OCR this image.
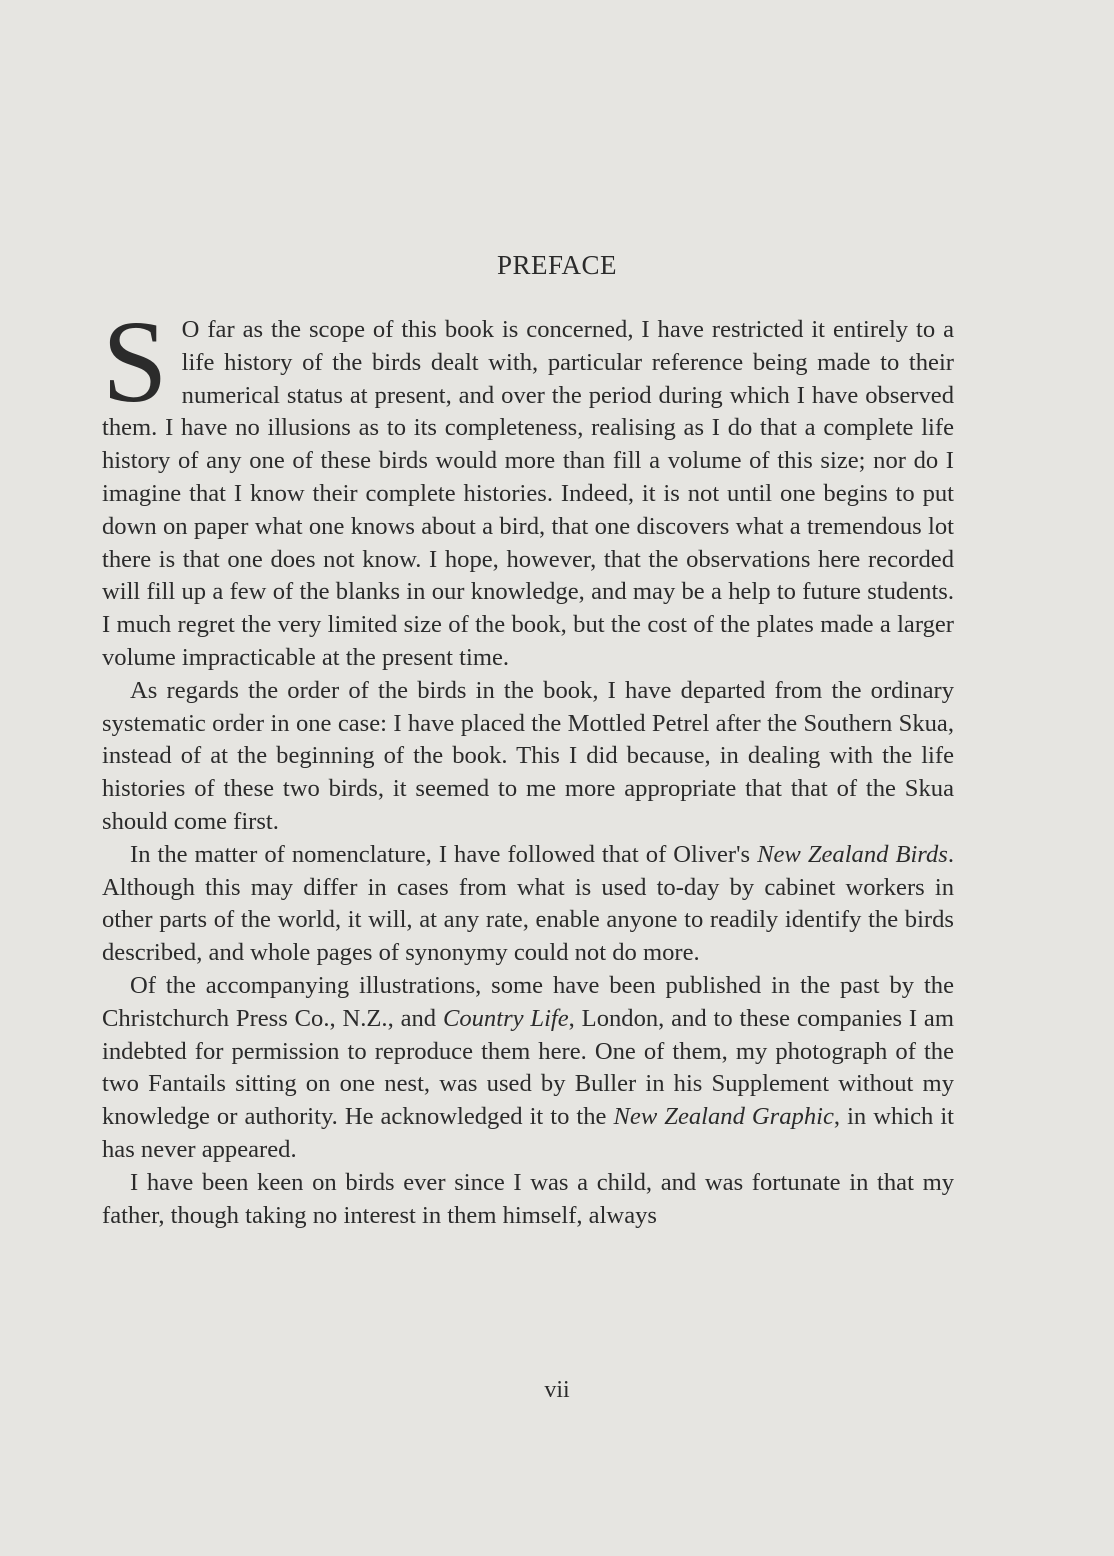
PREFACE

S O far as the scope of this book is concerned, I have restricted it entirely to a life history of the birds dealt with, particular reference being made to their numerical status at present, and over the period during which I have observed them. I have no illusions as to its completeness, realising as I do that a complete life history of any one of these birds would more than fill a volume of this size; nor do I imagine that I know their complete histories. Indeed, it is not until one begins to put down on paper what one knows about a bird, that one discovers what a tremendous lot there is that one does not know. I hope, however, that the observations here recorded will fill up a few of the blanks in our knowledge, and may be a help to future students. I much regret the very limited size of the book, but the cost of the plates made a larger volume impracticable at the present time.

As regards the order of the birds in the book, I have departed from the ordinary systematic order in one case: I have placed the Mottled Petrel after the Southern Skua, instead of at the beginning of the book. This I did because, in dealing with the life histories of these two birds, it seemed to me more appropriate that that of the Skua should come first.

In the matter of nomenclature, I have followed that of Oliver's New Zealand Birds. Although this may differ in cases from what is used to-day by cabinet workers in other parts of the world, it will, at any rate, enable anyone to readily identify the birds described, and whole pages of synonymy could not do more.

Of the accompanying illustrations, some have been published in the past by the Christchurch Press Co., N.Z., and Country Life, London, and to these companies I am indebted for permission to reproduce them here. One of them, my photograph of the two Fantails sitting on one nest, was used by Buller in his Supplement without my knowledge or authority. He acknowledged it to the New Zealand Graphic, in which it has never appeared.

I have been keen on birds ever since I was a child, and was fortunate in that my father, though taking no interest in them himself, always

vii
